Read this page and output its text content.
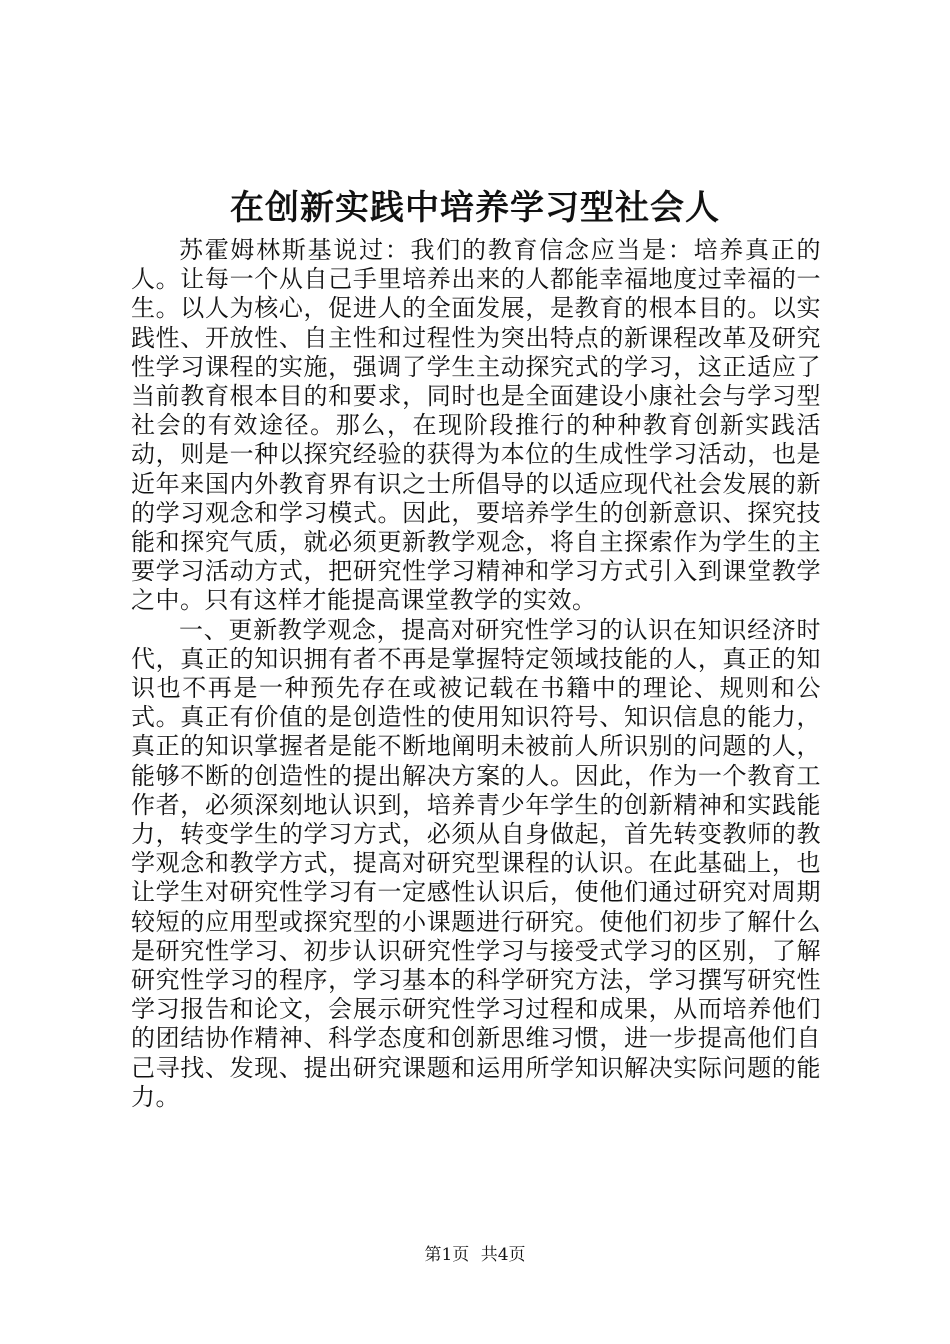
在创新实践中培养学习型社会人

苏霍姆林斯基说过：我们的教育信念应当是：培养真正的人。让每一个从自己手里培养出来的人都能幸福地度过幸福的一生。以人为核心，促进人的全面发展，是教育的根本目的。以实践性、开放性、自主性和过程性为突出特点的新课程改革及研究性学习课程的实施，强调了学生主动探究式的学习，这正适应了当前教育根本目的和要求，同时也是全面建设小康社会与学习型社会的有效途径。那么，在现阶段推行的种种教育创新实践活动，则是一种以探究经验的获得为本位的生成性学习活动，也是近年来国内外教育界有识之士所倡导的以适应现代社会发展的新的学习观念和学习模式。因此，要培养学生的创新意识、探究技能和探究气质，就必须更新教学观念，将自主探索作为学生的主要学习活动方式，把研究性学习精神和学习方式引入到课堂教学之中。只有这样才能提高课堂教学的实效。

一、更新教学观念，提高对研究性学习的认识在知识经济时代，真正的知识拥有者不再是掌握特定领域技能的人，真正的知识也不再是一种预先存在或被记载在书籍中的理论、规则和公式。真正有价值的是创造性的使用知识符号、知识信息的能力，真正的知识掌握者是能不断地阐明未被前人所识别的问题的人，能够不断的创造性的提出解决方案的人。因此，作为一个教育工作者，必须深刻地认识到，培养青少年学生的创新精神和实践能力，转变学生的学习方式，必须从自身做起，首先转变教师的教学观念和教学方式，提高对研究型课程的认识。在此基础上，也让学生对研究性学习有一定感性认识后，使他们通过研究对周期较短的应用型或探究型的小课题进行研究。使他们初步了解什么是研究性学习、初步认识研究性学习与接受式学习的区别，了解研究性学习的程序，学习基本的科学研究方法，学习撰写研究性学习报告和论文，会展示研究性学习过程和成果，从而培养他们的团结协作精神、科学态度和创新思维习惯，进一步提高他们自己寻找、发现、提出研究课题和运用所学知识解决实际问题的能力。

第1页 共4页
